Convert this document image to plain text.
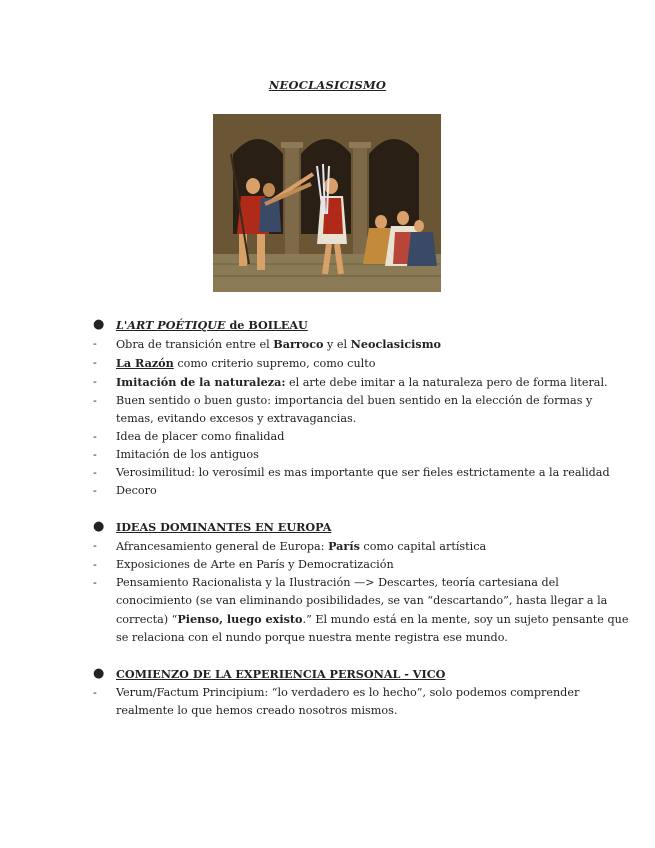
NEOCLASICISMO
● L'ART POÉTIQUE de BOILEAU
-	Obra de transición entre el Barroco y el Neoclasicismo
-	La Razón como criterio supremo, como culto
-	Imitación de la naturaleza: el arte debe imitar a la naturaleza pero de forma literal.
-	Buen sentido o buen gusto: importancia del buen sentido en la elección de formas y
temas, evitando excesos y extravagancias.
-	Idea de placer como finalidad
-	Imitación de los antiguos
-	Verosimilitud: lo verosímil es mas importante que ser fieles estrictamente a la realidad
-	Decoro
● IDEAS DOMINANTES EN EUROPA
-	Afrancesamiento general de Europa: París como capital artística
-	Exposiciones de Arte en París y Democratización
-	Pensamiento Racionalista y la Ilustración —> Descartes, teoría cartesiana del
conocimiento (se van eliminando posibilidades, se van “descartando”, hasta llegar a la
correcta) “Pienso, luego existo.” El mundo está en la mente, soy un sujeto pensante que
se relaciona con el nundo porque nuestra mente registra ese mundo.
● COMIENZO DE LA EXPERIENCIA PERSONAL - VICO
-	Verum/Factum Principium: “lo verdadero es lo hecho”, solo podemos comprender
realmente lo que hemos creado nosotros mismos.
